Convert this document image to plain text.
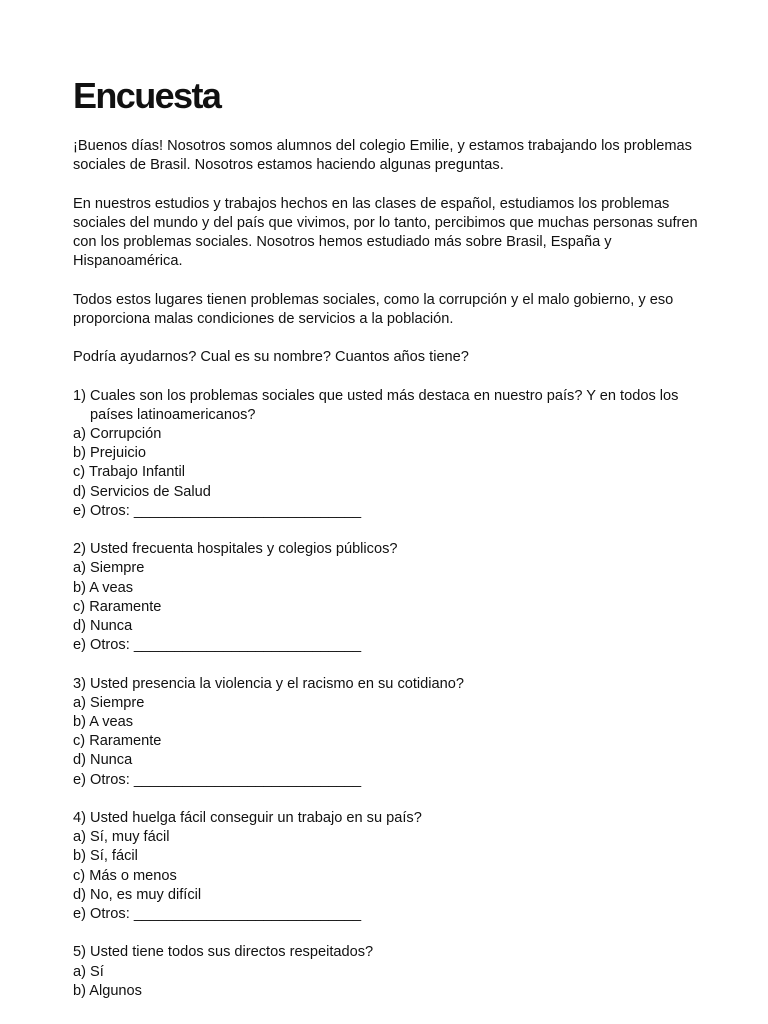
Encuesta

¡Buenos días! Nosotros somos alumnos del colegio Emilie, y estamos trabajando los problemas sociales de Brasil. Nosotros estamos haciendo algunas preguntas.

En nuestros estudios y trabajos hechos en las clases de español, estudiamos los problemas sociales del mundo y del país que vivimos, por lo tanto, percibimos que muchas personas sufren con los problemas sociales. Nosotros hemos estudiado más sobre Brasil, España y Hispanoamérica.

Todos estos lugares tienen problemas sociales, como la corrupción y el malo gobierno, y eso proporciona malas condiciones de servicios a la población.

Podría ayudarnos? Cual es su nombre? Cuantos años tiene?

1) Cuales son los problemas sociales que usted más destaca en nuestro país? Y en todos los países latinoamericanos?

a) Corrupción

b) Prejuicio

c) Trabajo Infantil

d) Servicios de Salud

e) Otros: ____________________________

2) Usted frecuenta hospitales y colegios públicos?

a) Siempre

b) A veas

c) Raramente

d) Nunca

e) Otros: ____________________________

3) Usted presencia la violencia y el racismo en su cotidiano?

a) Siempre

b) A veas

c) Raramente

d) Nunca

e) Otros: ____________________________

4) Usted huelga fácil conseguir un trabajo en su país?

a) Sí, muy fácil

b) Sí, fácil

c) Más o menos

d) No, es muy difícil

e) Otros: ____________________________

5) Usted tiene todos sus directos respeitados?

a) Sí

b) Algunos
